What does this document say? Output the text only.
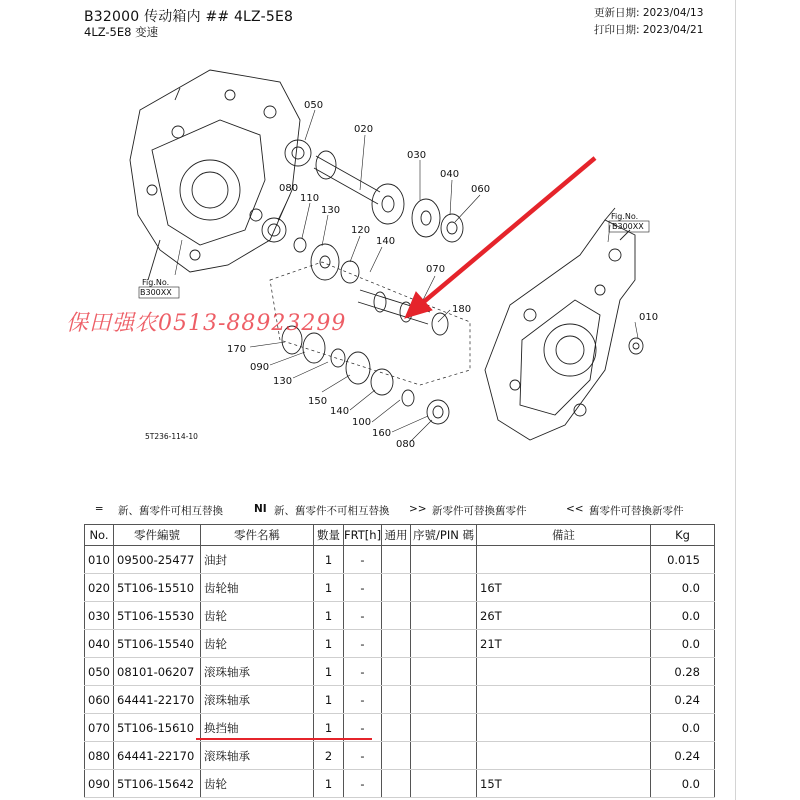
B32000 传动箱内 ## 4LZ-5E8
4LZ-5E8 变速
更新日期: 2023/04/13
打印日期: 2023/04/21
050
020
030
040
060
080
110
130
120
140
070
180
010
170
090
130
150
140
100
160
080
Fig.No.
B300XX
Fig.No.
B300XX
5T236-114-10
保田强农0513-88923299
═ 新、舊零件可相互替換	NI 新、舊零件不可相互替換 >> 新零件可替換舊零件	<< 舊零件可替換新零件
No.	零件編號	零件名稱	數量	FRT[h]	通用	序號/PIN 碼	備註	Kg
010	09500-25477	油封	1	-				0.015
020	5T106-15510	齿轮轴	1	-			16T	0.0
030	5T106-15530	齿轮	1	-			26T	0.0
040	5T106-15540	齿轮	1	-			21T	0.0
050	08101-06207	滚珠轴承	1	-				0.28
060	64441-22170	滚珠轴承	1	-				0.24
070	5T106-15610	换挡轴	1	-				0.0
080	64441-22170	滚珠轴承	2	-				0.24
090	5T106-15642	齿轮	1	-			15T	0.0
